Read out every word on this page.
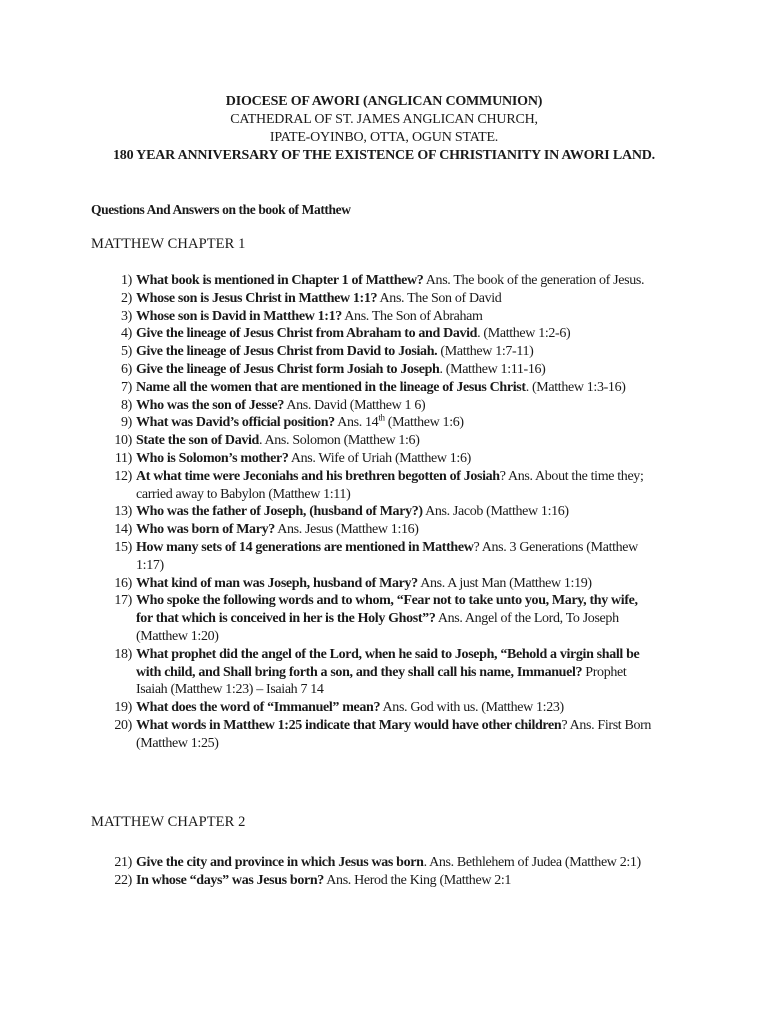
DIOCESE OF AWORI (ANGLICAN COMMUNION)
CATHEDRAL OF ST. JAMES ANGLICAN CHURCH,
IPATE-OYINBO, OTTA, OGUN STATE.
180 YEAR ANNIVERSARY OF THE EXISTENCE OF CHRISTIANITY IN AWORI LAND.
Questions And Answers on the book of Matthew
MATTHEW CHAPTER 1
1) What book is mentioned in Chapter 1 of Matthew? Ans. The book of the generation of Jesus.
2) Whose son is Jesus Christ in Matthew 1:1? Ans. The Son of David
3) Whose son is David in Matthew 1:1? Ans. The Son of Abraham
4) Give the lineage of Jesus Christ from Abraham to and David. (Matthew 1:2-6)
5) Give the lineage of Jesus Christ from David to Josiah. (Matthew 1:7-11)
6) Give the lineage of Jesus Christ form Josiah to Joseph. (Matthew 1:11-16)
7) Name all the women that are mentioned in the lineage of Jesus Christ. (Matthew 1:3-16)
8) Who was the son of Jesse? Ans. David (Matthew 1 6)
9) What was David’s official position? Ans. 14th (Matthew 1:6)
10) State the son of David. Ans. Solomon (Matthew 1:6)
11) Who is Solomon’s mother? Ans. Wife of Uriah (Matthew 1:6)
12) At what time were Jeconiahs and his brethren begotten of Josiah? Ans. About the time they; carried away to Babylon (Matthew 1:11)
13) Who was the father of Joseph, (husband of Mary?) Ans. Jacob (Matthew 1:16)
14) Who was born of Mary? Ans. Jesus (Matthew 1:16)
15) How many sets of 14 generations are mentioned in Matthew? Ans. 3 Generations (Matthew 1:17)
16) What kind of man was Joseph, husband of Mary? Ans. A just Man (Matthew 1:19)
17) Who spoke the following words and to whom, “Fear not to take unto you, Mary, thy wife, for that which is conceived in her is the Holy Ghost”? Ans. Angel of the Lord, To Joseph (Matthew 1:20)
18) What prophet did the angel of the Lord, when he said to Joseph, “Behold a virgin shall be with child, and Shall bring forth a son, and they shall call his name, Immanuel? Prophet Isaiah (Matthew 1:23) – Isaiah 7 14
19) What does the word of “Immanuel” mean? Ans. God with us. (Matthew 1:23)
20) What words in Matthew 1:25 indicate that Mary would have other children? Ans. First Born (Matthew 1:25)
MATTHEW CHAPTER 2
21) Give the city and province in which Jesus was born. Ans. Bethlehem of Judea (Matthew 2:1)
22) In whose “days” was Jesus born? Ans. Herod the King (Matthew 2:1
